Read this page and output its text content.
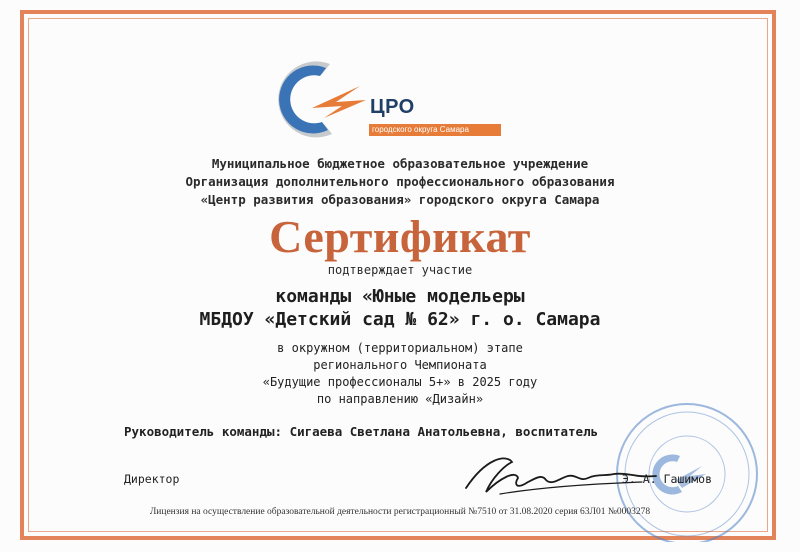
ЦРО
городского округа Самара
Муниципальное бюджетное образовательное учреждение
Организация дополнительного профессионального образования
«Центр развития образования» городского округа Самара
Сертификат
подтверждает участие
команды «Юные модельеры
МБДОУ «Детский сад № 62» г. о. Самара
в окружном (территориальном) этапе
регионального Чемпионата
«Будущие профессионалы 5+» в 2025 году
по направлению «Дизайн»
Руководитель команды: Сигаева Светлана Анатольевна, воспитатель
Директор	Э. А. Гашимов
Лицензия на осуществление образовательной деятельности регистрационный №7510 от 31.08.2020 серия 63Л01 №0003278
